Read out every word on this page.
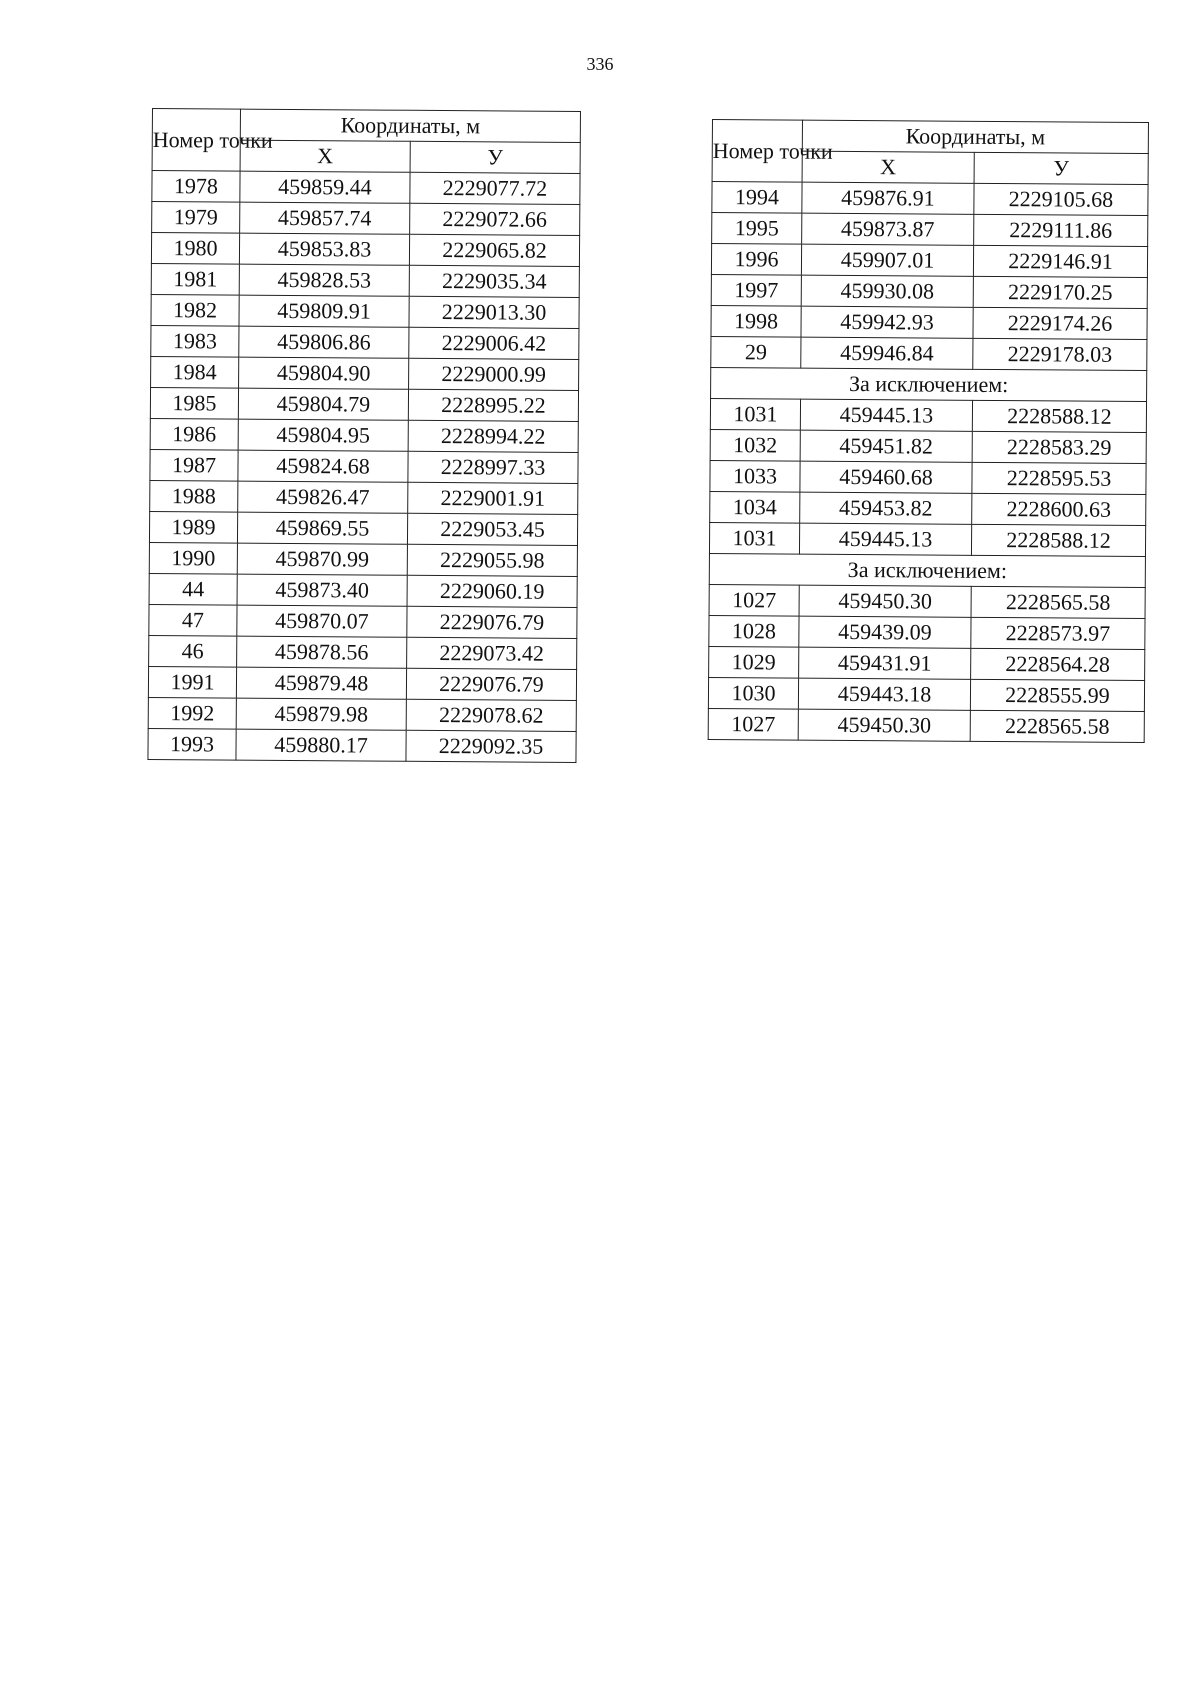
336
Номер точки	Координаты, м	
	Х	У
1978	459859.44	2229077.72
1979	459857.74	2229072.66
1980	459853.83	2229065.82
1981	459828.53	2229035.34
1982	459809.91	2229013.30
1983	459806.86	2229006.42
1984	459804.90	2229000.99
1985	459804.79	2228995.22
1986	459804.95	2228994.22
1987	459824.68	2228997.33
1988	459826.47	2229001.91
1989	459869.55	2229053.45
1990	459870.99	2229055.98
44	459873.40	2229060.19
47	459870.07	2229076.79
46	459878.56	2229073.42
1991	459879.48	2229076.79
1992	459879.98	2229078.62
1993	459880.17	2229092.35
Номер точки	Координаты, м	
	Х	У
1994	459876.91	2229105.68
1995	459873.87	2229111.86
1996	459907.01	2229146.91
1997	459930.08	2229170.25
1998	459942.93	2229174.26
29	459946.84	2229178.03
За исключением:		
1031	459445.13	2228588.12
1032	459451.82	2228583.29
1033	459460.68	2228595.53
1034	459453.82	2228600.63
1031	459445.13	2228588.12
За исключением:		
1027	459450.30	2228565.58
1028	459439.09	2228573.97
1029	459431.91	2228564.28
1030	459443.18	2228555.99
1027	459450.30	2228565.58
